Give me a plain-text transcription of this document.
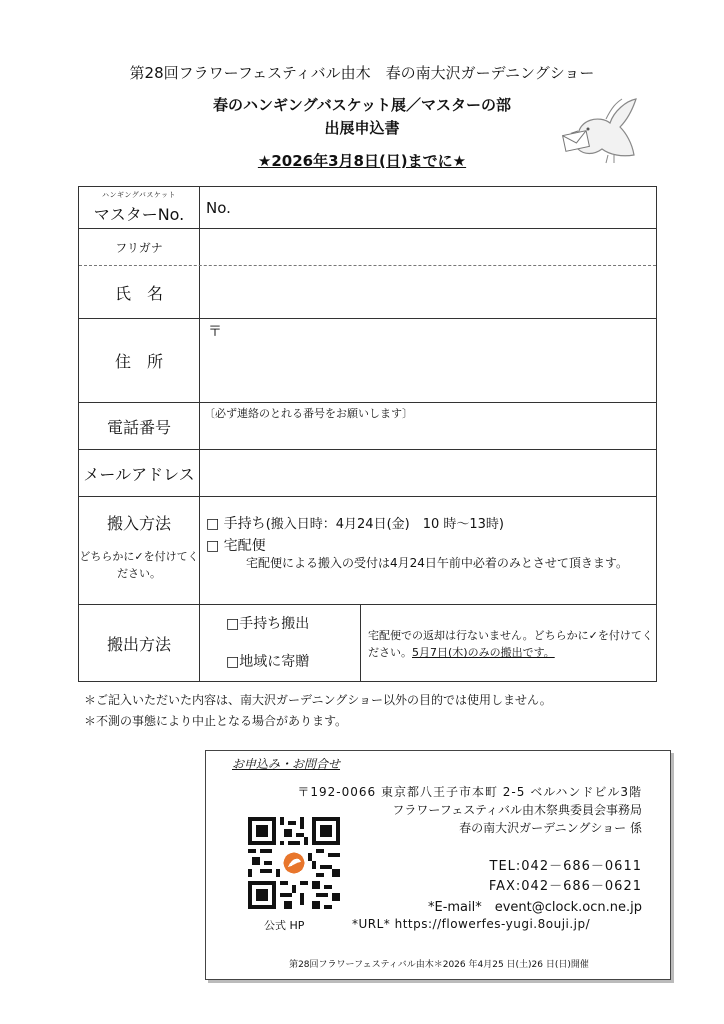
第28回フラワーフェスティバル由木　春の南大沢ガーデニングショー
春のハンギングバスケット展／マスターの部
出展申込書
★2026年3月8日(日)までに★
ハンギングバスケット
マスターNo. No.
フリガナ
氏　名
住　所
〒
電話番号
〔必ず連絡のとれる番号をお願いします〕
メールアドレス
搬入方法
どちらかに✓を付けてください。
□ 手持ち(搬入日時：4月24日(金)　10 時～13時)
□ 宅配便
宅配便による搬入の受付は4月24日午前中必着のみとさせて頂きます。
搬出方法
□手持ち搬出
□地域に寄贈
宅配便での返却は行ないません。どちらかに✓を付けてください。5月7日(木)のみの搬出です。
＊ご記入いただいた内容は、南大沢ガーデニングショー以外の目的では使用しません。
＊不測の事態により中止となる場合があります。
お申込み・お問合せ
〒192-0066 東京都八王子市本町 2-5 ベルハンドビル3階
フラワーフェスティバル由木祭典委員会事務局
春の南大沢ガーデニングショー 係
公式 HP
TEL:042－686－0611
FAX:042－686－0621
*E-mail*　event@clock.ocn.ne.jp
*URL* https://flowerfes-yugi.8ouji.jp/
第28回フラワーフェスティバル由木＊2026 年4月25 日(土)26 日(日)開催
